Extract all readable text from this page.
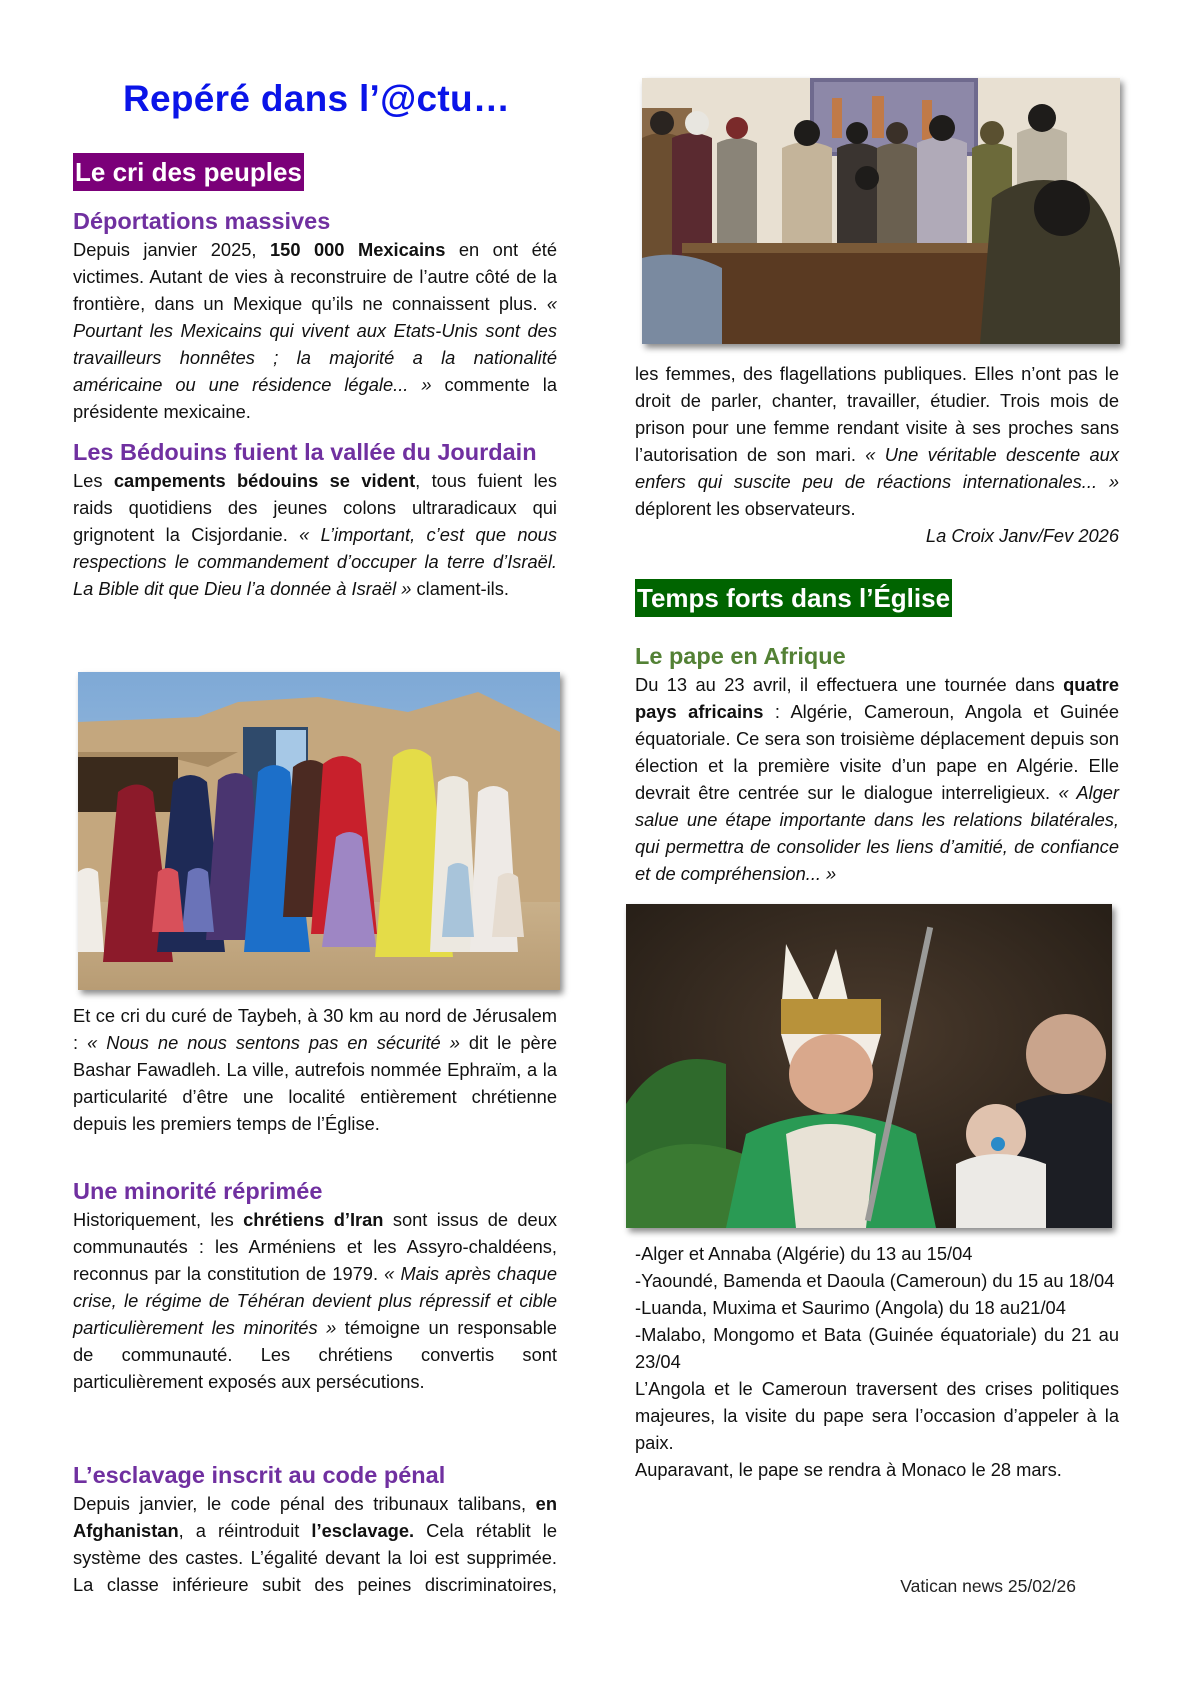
Repéré dans l’@ctu…
Le cri des peuples
Déportations massives

Depuis janvier 2025, 150 000 Mexicains en ont été victimes. Autant de vies à reconstruire de l’autre côté de la frontière, dans un Mexique qu’ils ne connaissent plus. « Pourtant les Mexicains qui vivent aux Etats-Unis sont des travailleurs honnêtes ; la majorité a la nationalité américaine ou une résidence légale... » commente la présidente mexicaine.

Les Bédouins fuient la vallée du Jourdain

Les campements bédouins se vident, tous fuient les raids quotidiens des jeunes colons ultraradicaux qui grignotent la Cisjordanie. « L’important, c’est que nous respections le commandement d’occuper la terre d’Israël. La Bible dit que Dieu l’a donnée à Israël » clament-ils.

Et ce cri du curé de Taybeh, à 30 km au nord de Jérusalem : « Nous ne nous sentons pas en sécurité » dit le père Bashar Fawadleh. La ville, autrefois nommée Ephraïm, a la particularité d’être une localité entièrement chrétienne depuis les premiers temps de l’Église.

Une minorité réprimée

Historiquement, les chrétiens d’Iran sont issus de deux communautés : les Arméniens et les Assyro-chaldéens, reconnus par la constitution de 1979. « Mais après chaque crise, le régime de Téhéran devient plus répressif et cible particulièrement les minorités » témoigne un responsable de communauté. Les chrétiens convertis sont particulièrement exposés aux persécutions.

L’esclavage inscrit au code pénal

Depuis janvier, le code pénal des tribunaux talibans, en Afghanistan, a réintroduit l’esclavage. Cela rétablit le système des castes. L’égalité devant la loi est supprimée. La classe inférieure subit des peines discriminatoires,

les femmes, des flagellations publiques. Elles n’ont pas le droit de parler, chanter, travailler, étudier. Trois mois de prison pour une femme rendant visite à ses proches sans l’autorisation de son mari. « Une véritable descente aux enfers qui suscite peu de réactions internationales... » déplorent les observateurs.

La Croix Janv/Fev 2026

Le pape en Afrique

Du 13 au 23 avril, il effectuera une tournée dans quatre pays africains : Algérie, Cameroun, Angola et Guinée équatoriale. Ce sera son troisième déplacement depuis son élection et la première visite d’un pape en Algérie. Elle devrait être centrée sur le dialogue interreligieux. « Alger salue une étape importante dans les relations bilatérales, qui permettra de consolider les liens d’amitié, de confiance et de compréhension... »

-Alger et Annaba (Algérie) du 13 au 15/04

-Yaoundé, Bamenda et Daoula (Cameroun) du 15 au 18/04

-Luanda, Muxima et Saurimo (Angola) du 18 au21/04

-Malabo, Mongomo et Bata (Guinée équatoriale) du 21 au 23/04

L’Angola et le Cameroun traversent des crises politiques majeures, la visite du pape sera l’occasion d’appeler à la paix.

Auparavant, le pape se rendra à Monaco le 28 mars.

Temps forts dans l’Église
Vatican news 25/02/26
